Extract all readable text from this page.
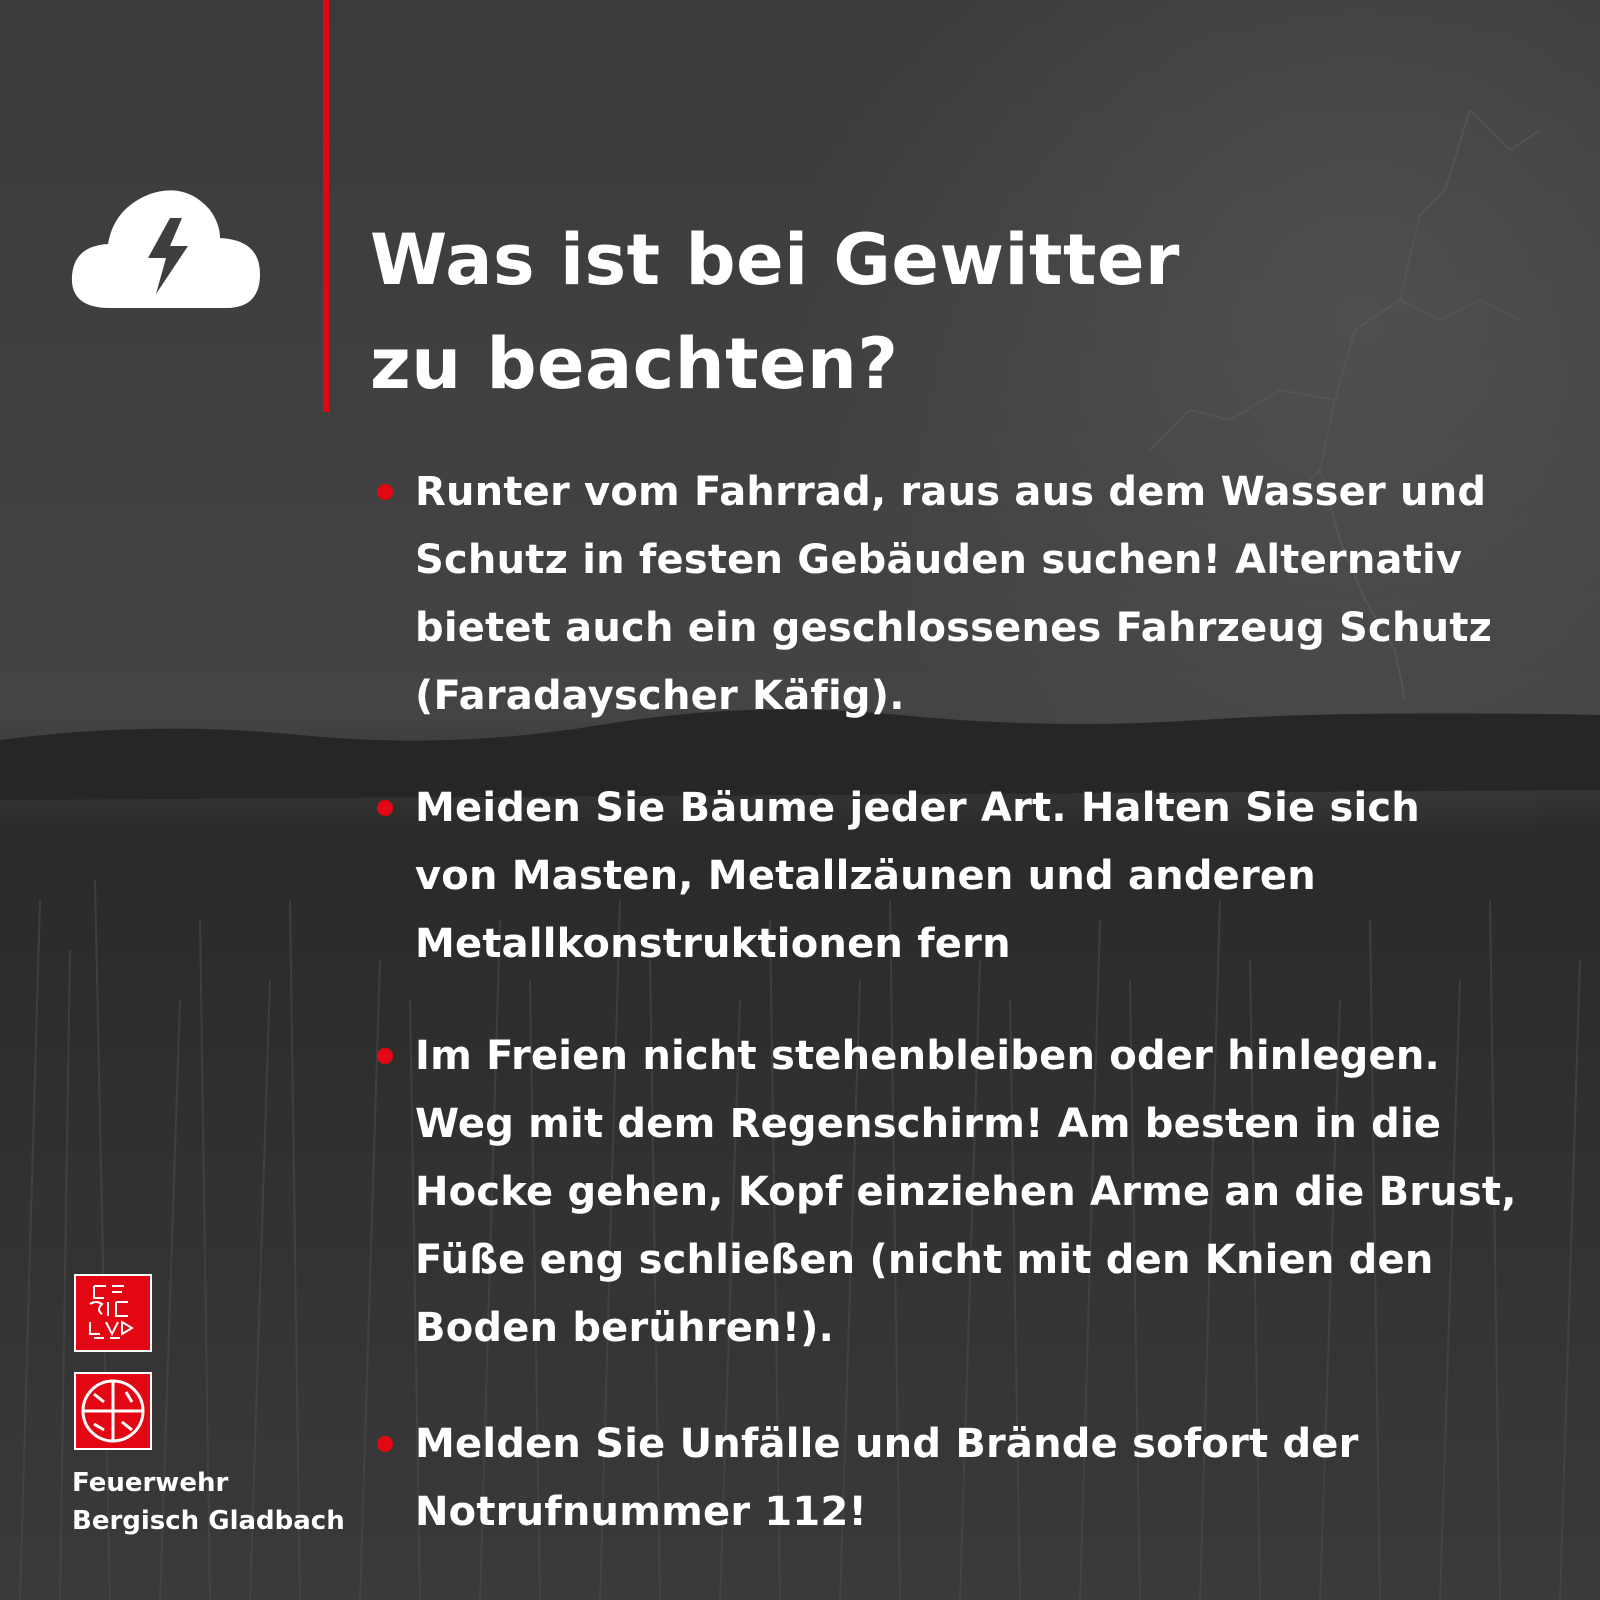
Was ist bei Gewitter
zu beachten?
Runter vom Fahrrad, raus aus dem Wasser und
Schutz in festen Gebäuden suchen! Alternativ
bietet auch ein geschlossenes Fahrzeug Schutz
(Faradayscher Käfig).
Meiden Sie Bäume jeder Art. Halten Sie sich
von Masten, Metallzäunen und anderen
Metallkonstruktionen fern
Im Freien nicht stehenbleiben oder hinlegen.
Weg mit dem Regenschirm! Am besten in die
Hocke gehen, Kopf einziehen Arme an die Brust,
Füße eng schließen (nicht mit den Knien den
Boden berühren!).
Melden Sie Unfälle und Brände sofort der
Notrufnummer 112!
Feuerwehr
Bergisch Gladbach
